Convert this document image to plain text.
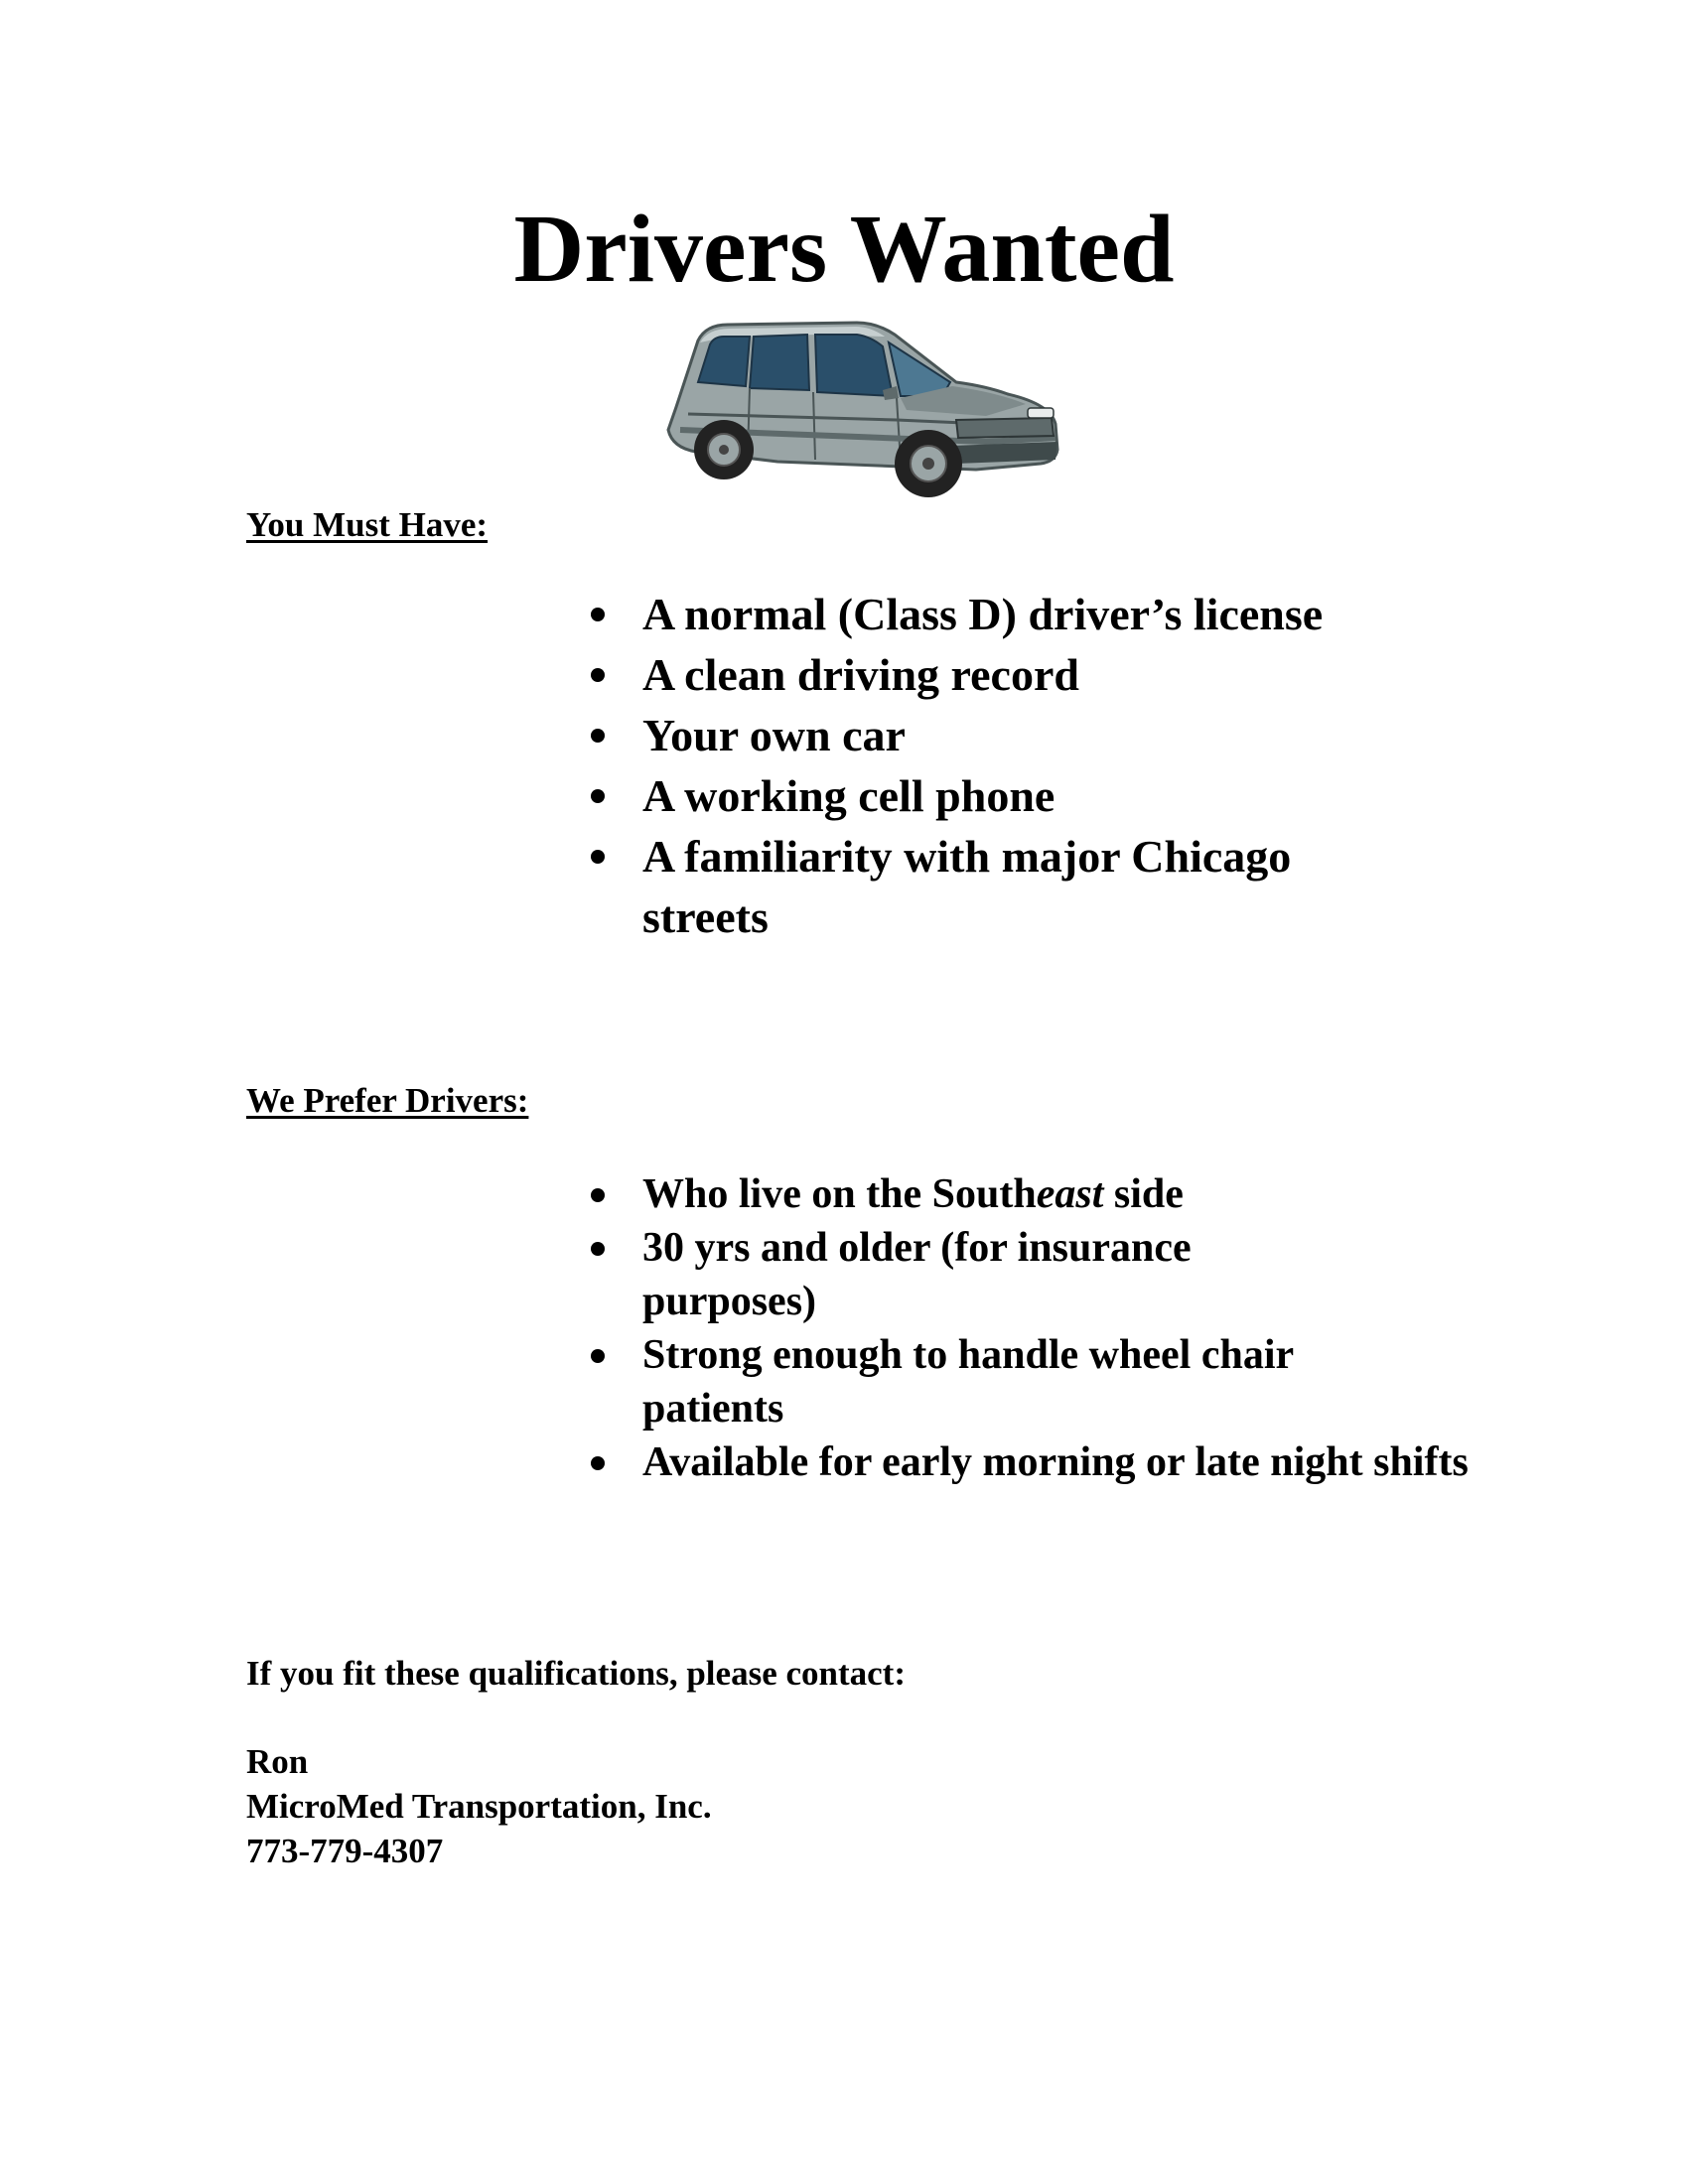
Drivers Wanted
You Must Have:
A normal (Class D) driver’s license
A clean driving record
Your own car
A working cell phone
A familiarity with major Chicago streets
We Prefer Drivers:
Who live on the Southeast side
30 yrs and older (for insurance purposes)
Strong enough to handle wheel chair patients
Available for early morning or late night shifts
If you fit these qualifications, please contact:
Ron
MicroMed Transportation, Inc.
773-779-4307
